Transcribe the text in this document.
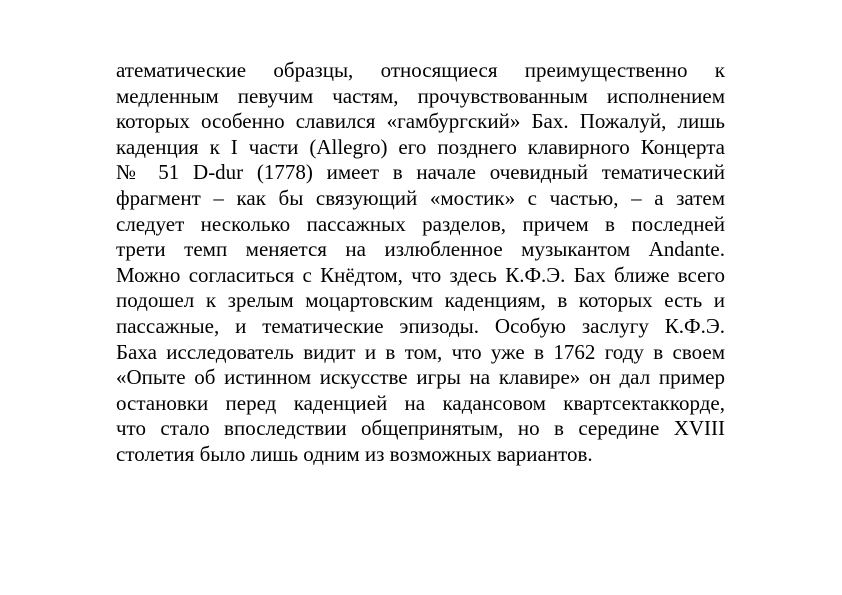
атематические образцы, относящиеся преимущественно к
медленным певучим частям, прочувствованным исполнением
которых особенно славился «гамбургский» Бах. Пожалуй, лишь
каденция к I части (Allegro) его позднего клавирного Концерта
№ 51 D-dur (1778) имеет в начале очевидный тематический
фрагмент – как бы связующий «мостик» с частью, – а затем
следует несколько пассажных разделов, причем в последней
трети темп меняется на излюбленное музыкантом Andante.
Можно согласиться с Кнёдтом, что здесь К.Ф.Э. Бах ближе всего
подошел к зрелым моцартовским каденциям, в которых есть и
пассажные, и тематические эпизоды. Особую заслугу К.Ф.Э.
Баха исследователь видит и в том, что уже в 1762 году в своем
«Опыте об истинном искусстве игры на клавире» он дал пример
остановки перед каденцией на кадансовом квартсектаккорде,
что стало впоследствии общепринятым, но в середине XVIII
столетия было лишь одним из возможных вариантов.
